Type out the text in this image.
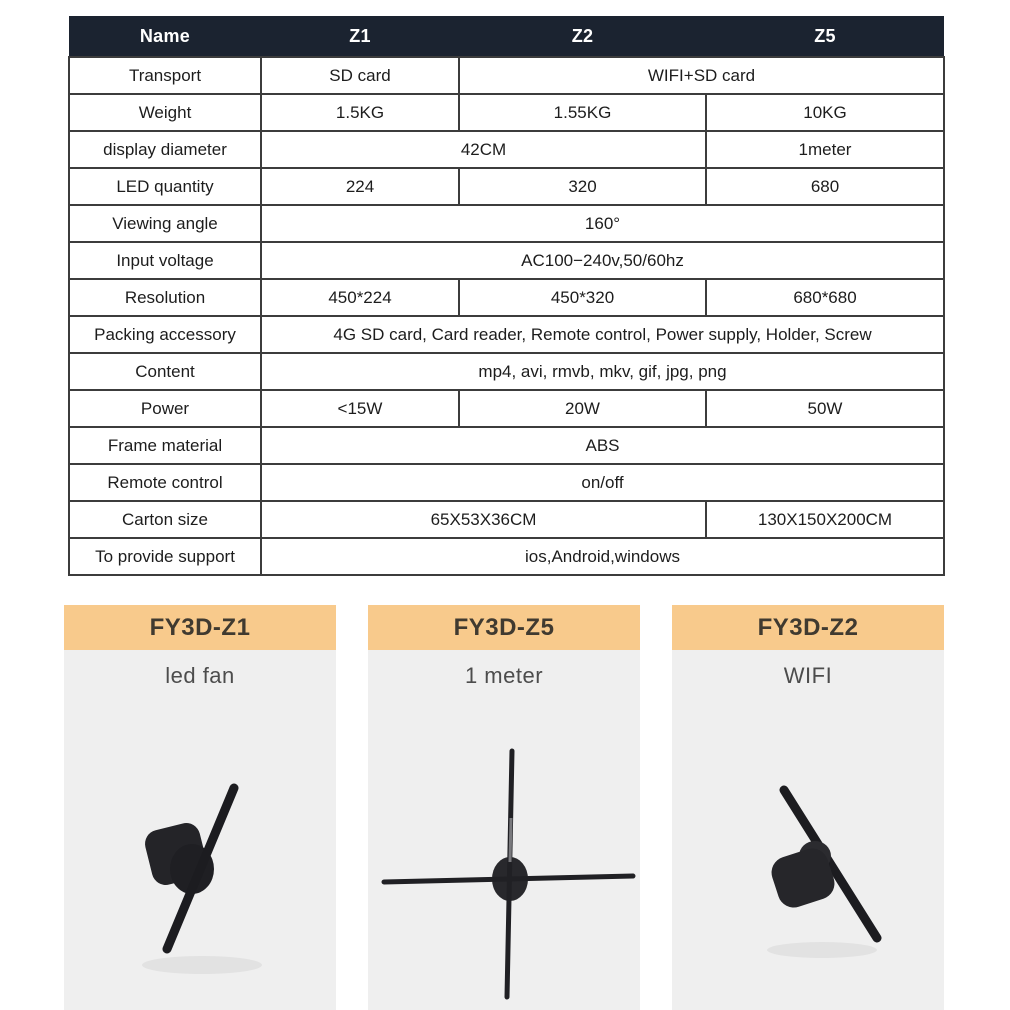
Name	Z1	Z2	Z5
Transport	SD card	WIFI+SD card	
Weight	1.5KG	1.55KG	10KG
display diameter	42CM		1meter
LED quantity	224	320	680
Viewing angle	160°		
Input voltage	AC100−240v,50/60hz		
Resolution	450*224	450*320	680*680
Packing accessory	4G SD card, Card reader, Remote control, Power supply, Holder, Screw		
Content	mp4, avi, rmvb, mkv, gif, jpg, png		
Power	<15W	20W	50W
Frame material	ABS		
Remote control	on/off		
Carton size	65X53X36CM		130X150X200CM
To provide support	ios,Android,windows		
FY3D-Z1
led fan
FY3D-Z5
1 meter
FY3D-Z2
WIFI
